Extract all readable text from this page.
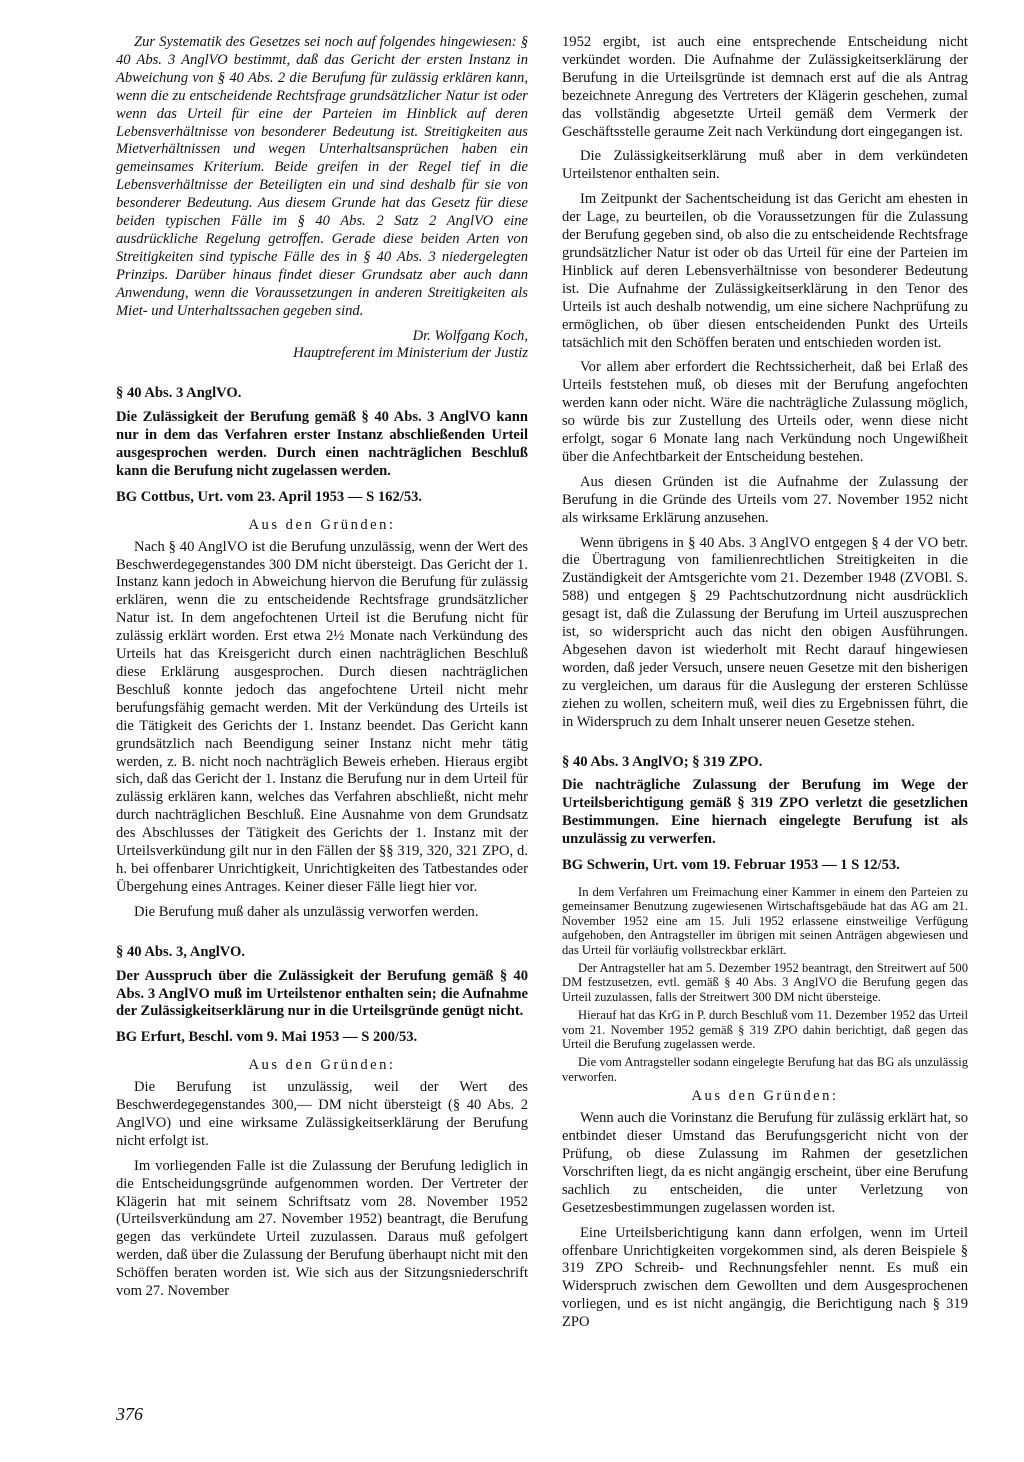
Zur Systematik des Gesetzes sei noch auf folgendes hingewiesen: § 40 Abs. 3 AnglVO bestimmt, daß das Gericht der ersten Instanz in Abweichung von § 40 Abs. 2 die Berufung für zulässig erklären kann, wenn die zu entscheidende Rechtsfrage grundsätzlicher Natur ist oder wenn das Urteil für eine der Parteien im Hinblick auf deren Lebensverhältnisse von besonderer Bedeutung ist. Streitigkeiten aus Mietverhältnissen und wegen Unterhaltsansprüchen haben ein gemeinsames Kriterium. Beide greifen in der Regel tief in die Lebensverhältnisse der Beteiligten ein und sind deshalb für sie von besonderer Bedeutung. Aus diesem Grunde hat das Gesetz für diese beiden typischen Fälle im § 40 Abs. 2 Satz 2 AnglVO eine ausdrückliche Regelung getroffen. Gerade diese beiden Arten von Streitigkeiten sind typische Fälle des in § 40 Abs. 3 niedergelegten Prinzips. Darüber hinaus findet dieser Grundsatz aber auch dann Anwendung, wenn die Voraussetzungen in anderen Streitigkeiten als Miet- und Unterhaltssachen gegeben sind.

Dr. Wolfgang Koch,

Hauptreferent im Ministerium der Justiz

§ 40 Abs. 3 AnglVO.

Die Zulässigkeit der Berufung gemäß § 40 Abs. 3 AnglVO kann nur in dem das Verfahren erster Instanz abschließenden Urteil ausgesprochen werden. Durch einen nachträglichen Beschluß kann die Berufung nicht zugelassen werden.

BG Cottbus, Urt. vom 23. April 1953 — S 162/53.

Aus den Gründen:

Nach § 40 AnglVO ist die Berufung unzulässig, wenn der Wert des Beschwerdegegenstandes 300 DM nicht übersteigt. Das Gericht der 1. Instanz kann jedoch in Abweichung hiervon die Berufung für zulässig erklären, wenn die zu entscheidende Rechtsfrage grundsätzlicher Natur ist. In dem angefochtenen Urteil ist die Berufung nicht für zulässig erklärt worden. Erst etwa 2½ Monate nach Verkündung des Urteils hat das Kreisgericht durch einen nachträglichen Beschluß diese Erklärung ausgesprochen. Durch diesen nachträglichen Beschluß konnte jedoch das angefochtene Urteil nicht mehr berufungsfähig gemacht werden. Mit der Verkündung des Urteils ist die Tätigkeit des Gerichts der 1. Instanz beendet. Das Gericht kann grundsätzlich nach Beendigung seiner Instanz nicht mehr tätig werden, z. B. nicht noch nachträglich Beweis erheben. Hieraus ergibt sich, daß das Gericht der 1. Instanz die Berufung nur in dem Urteil für zulässig erklären kann, welches das Verfahren abschließt, nicht mehr durch nachträglichen Beschluß. Eine Ausnahme von dem Grundsatz des Abschlusses der Tätigkeit des Gerichts der 1. Instanz mit der Urteilsverkündung gilt nur in den Fällen der §§ 319, 320, 321 ZPO, d. h. bei offenbarer Unrichtigkeit, Unrichtigkeiten des Tatbestandes oder Übergehung eines Antrages. Keiner dieser Fälle liegt hier vor.

Die Berufung muß daher als unzulässig verworfen werden.

§ 40 Abs. 3, AnglVO.

Der Ausspruch über die Zulässigkeit der Berufung gemäß § 40 Abs. 3 AnglVO muß im Urteilstenor enthalten sein; die Aufnahme der Zulässigkeitserklärung nur in die Urteilsgründe genügt nicht.

BG Erfurt, Beschl. vom 9. Mai 1953 — S 200/53.

Aus den Gründen:

Die Berufung ist unzulässig, weil der Wert des Beschwerdegegenstandes 300,— DM nicht übersteigt (§ 40 Abs. 2 AnglVO) und eine wirksame Zulässigkeitserklärung der Berufung nicht erfolgt ist.

Im vorliegenden Falle ist die Zulassung der Berufung lediglich in die Entscheidungsgründe aufgenommen worden. Der Vertreter der Klägerin hat mit seinem Schriftsatz vom 28. November 1952 (Urteilsverkündung am 27. November 1952) beantragt, die Berufung gegen das verkündete Urteil zuzulassen. Daraus muß gefolgert werden, daß über die Zulassung der Berufung überhaupt nicht mit den Schöffen beraten worden ist. Wie sich aus der Sitzungsniederschrift vom 27. November

1952 ergibt, ist auch eine entsprechende Entscheidung nicht verkündet worden. Die Aufnahme der Zulässigkeitserklärung der Berufung in die Urteilsgründe ist demnach erst auf die als Antrag bezeichnete Anregung des Vertreters der Klägerin geschehen, zumal das vollständig abgesetzte Urteil gemäß dem Vermerk der Geschäftsstelle geraume Zeit nach Verkündung dort eingegangen ist.

Die Zulässigkeitserklärung muß aber in dem verkündeten Urteilstenor enthalten sein.

Im Zeitpunkt der Sachentscheidung ist das Gericht am ehesten in der Lage, zu beurteilen, ob die Voraussetzungen für die Zulassung der Berufung gegeben sind, ob also die zu entscheidende Rechtsfrage grundsätzlicher Natur ist oder ob das Urteil für eine der Parteien im Hinblick auf deren Lebensverhältnisse von besonderer Bedeutung ist. Die Aufnahme der Zulässigkeitserklärung in den Tenor des Urteils ist auch deshalb notwendig, um eine sichere Nachprüfung zu ermöglichen, ob über diesen entscheidenden Punkt des Urteils tatsächlich mit den Schöffen beraten und entschieden worden ist.

Vor allem aber erfordert die Rechtssicherheit, daß bei Erlaß des Urteils feststehen muß, ob dieses mit der Berufung angefochten werden kann oder nicht. Wäre die nachträgliche Zulassung möglich, so würde bis zur Zustellung des Urteils oder, wenn diese nicht erfolgt, sogar 6 Monate lang nach Verkündung noch Ungewißheit über die Anfechtbarkeit der Entscheidung bestehen.

Aus diesen Gründen ist die Aufnahme der Zulassung der Berufung in die Gründe des Urteils vom 27. November 1952 nicht als wirksame Erklärung anzusehen.

Wenn übrigens in § 40 Abs. 3 AnglVO entgegen § 4 der VO betr. die Übertragung von familienrechtlichen Streitigkeiten in die Zuständigkeit der Amtsgerichte vom 21. Dezember 1948 (ZVOBl. S. 588) und entgegen § 29 Pachtschutzordnung nicht ausdrücklich gesagt ist, daß die Zulassung der Berufung im Urteil auszusprechen ist, so widerspricht auch das nicht den obigen Ausführungen. Abgesehen davon ist wiederholt mit Recht darauf hingewiesen worden, daß jeder Versuch, unsere neuen Gesetze mit den bisherigen zu vergleichen, um daraus für die Auslegung der ersteren Schlüsse ziehen zu wollen, scheitern muß, weil dies zu Ergebnissen führt, die in Widerspruch zu dem Inhalt unserer neuen Gesetze stehen.

§ 40 Abs. 3 AnglVO; § 319 ZPO.

Die nachträgliche Zulassung der Berufung im Wege der Urteilsberichtigung gemäß § 319 ZPO verletzt die gesetzlichen Bestimmungen. Eine hiernach eingelegte Berufung ist als unzulässig zu verwerfen.

BG Schwerin, Urt. vom 19. Februar 1953 — 1 S 12/53.

In dem Verfahren um Freimachung einer Kammer in einem den Parteien zu gemeinsamer Benutzung zugewiesenen Wirtschaftsgebäude hat das AG am 21. November 1952 eine am 15. Juli 1952 erlassene einstweilige Verfügung aufgehoben, den Antragsteller im übrigen mit seinen Anträgen abgewiesen und das Urteil für vorläufig vollstreckbar erklärt.

Der Antragsteller hat am 5. Dezember 1952 beantragt, den Streitwert auf 500 DM festzusetzen, evtl. gemäß § 40 Abs. 3 AnglVO die Berufung gegen das Urteil zuzulassen, falls der Streitwert 300 DM nicht übersteige.

Hierauf hat das KrG in P. durch Beschluß vom 11. Dezember 1952 das Urteil vom 21. November 1952 gemäß § 319 ZPO dahin berichtigt, daß gegen das Urteil die Berufung zugelassen werde.

Die vom Antragsteller sodann eingelegte Berufung hat das BG als unzulässig verworfen.

Aus den Gründen:

Wenn auch die Vorinstanz die Berufung für zulässig erklärt hat, so entbindet dieser Umstand das Berufungsgericht nicht von der Prüfung, ob diese Zulassung im Rahmen der gesetzlichen Vorschriften liegt, da es nicht angängig erscheint, über eine Berufung sachlich zu entscheiden, die unter Verletzung von Gesetzesbestimmungen zugelassen worden ist.

Eine Urteilsberichtigung kann dann erfolgen, wenn im Urteil offenbare Unrichtigkeiten vorgekommen sind, als deren Beispiele § 319 ZPO Schreib- und Rechnungsfehler nennt. Es muß ein Widerspruch zwischen dem Gewollten und dem Ausgesprochenen vorliegen, und es ist nicht angängig, die Berichtigung nach § 319 ZPO

376
